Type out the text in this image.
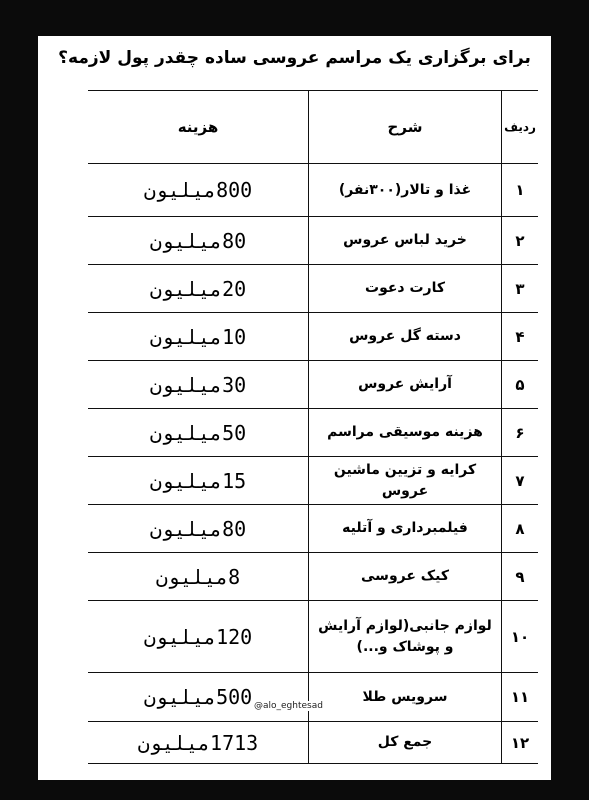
برای برگزاری یک مراسم عروسی ساده چقدر پول لازمه؟
ردیف
شرح
هزینه
۱
غذا و تالار(۳۰۰نفر)
800میلیون
۲
خرید لباس عروس
80میلیون
۳
کارت دعوت
20میلیون
۴
دسته گل عروس
10میلیون
۵
آرایش عروس
30میلیون
۶
هزینه موسیقی مراسم
50میلیون
۷
کرایه و تزیین ماشین عروس
15میلیون
۸
فیلمبرداری و آتلیه
80میلیون
۹
کیک عروسی
8میلیون
۱۰
لوازم جانبی(لوازم آرایش و پوشاک و...)
120میلیون
۱۱
سرویس طلا
500میلیون
۱۲
جمع کل
1713میلیون
@alo_eghtesad
